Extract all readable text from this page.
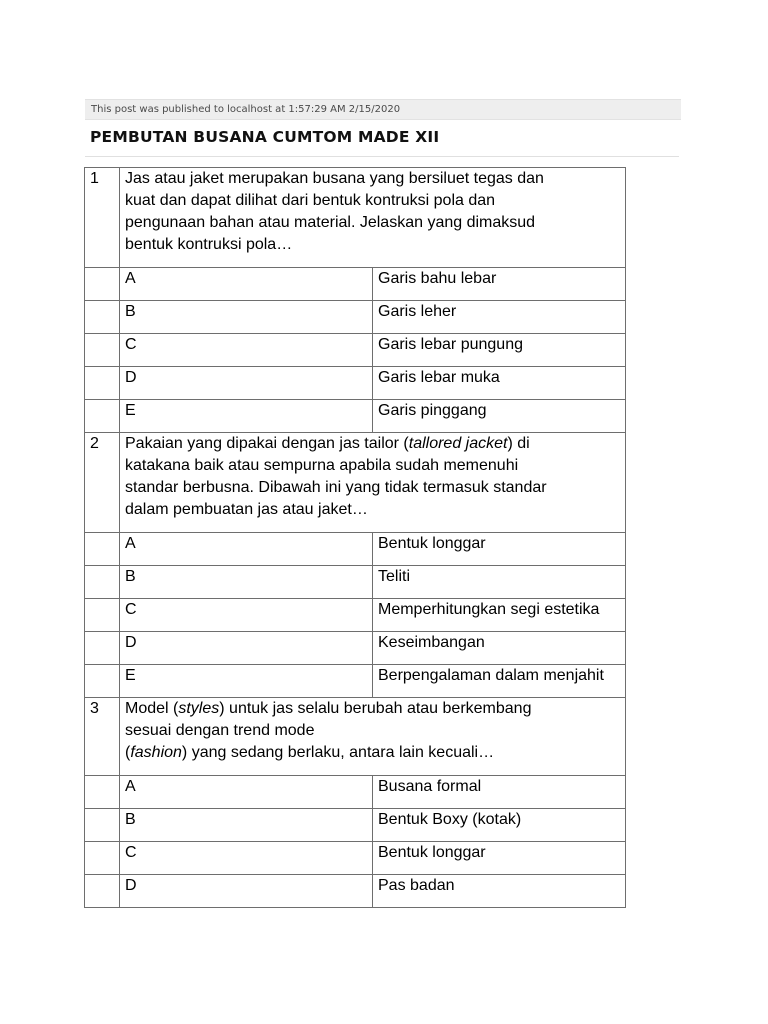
This post was published to localhost at 1:57:29 AM 2/15/2020
PEMBUTAN BUSANA CUMTOM MADE XII
1	Jas atau jaket merupakan busana yang bersiluet tegas dan
kuat dan dapat dilihat dari bentuk kontruksi pola dan
pengunaan bahan atau material. Jelaskan yang dimaksud
bentuk kontruksi pola…	

	A	Garis bahu lebar
	B	Garis leher
	C	Garis lebar pungung
	D	Garis lebar muka
	E	Garis pinggang
2	Pakaian yang dipakai dengan jas tailor (tallored jacket) di
katakana baik atau sempurna apabila sudah memenuhi
standar berbusna. Dibawah ini yang tidak termasuk standar
dalam pembuatan jas atau jaket…	

	A	Bentuk longgar
	B	Teliti
	C	Memperhitungkan segi estetika
	D	Keseimbangan
	E	Berpengalaman dalam menjahit
3	Model (styles) untuk jas selalu berubah atau berkembang
sesuai dengan trend mode
(fashion) yang sedang berlaku, antara lain kecuali…	

	A	Busana formal
	B	Bentuk Boxy (kotak)
	C	Bentuk longgar
	D	Pas badan
